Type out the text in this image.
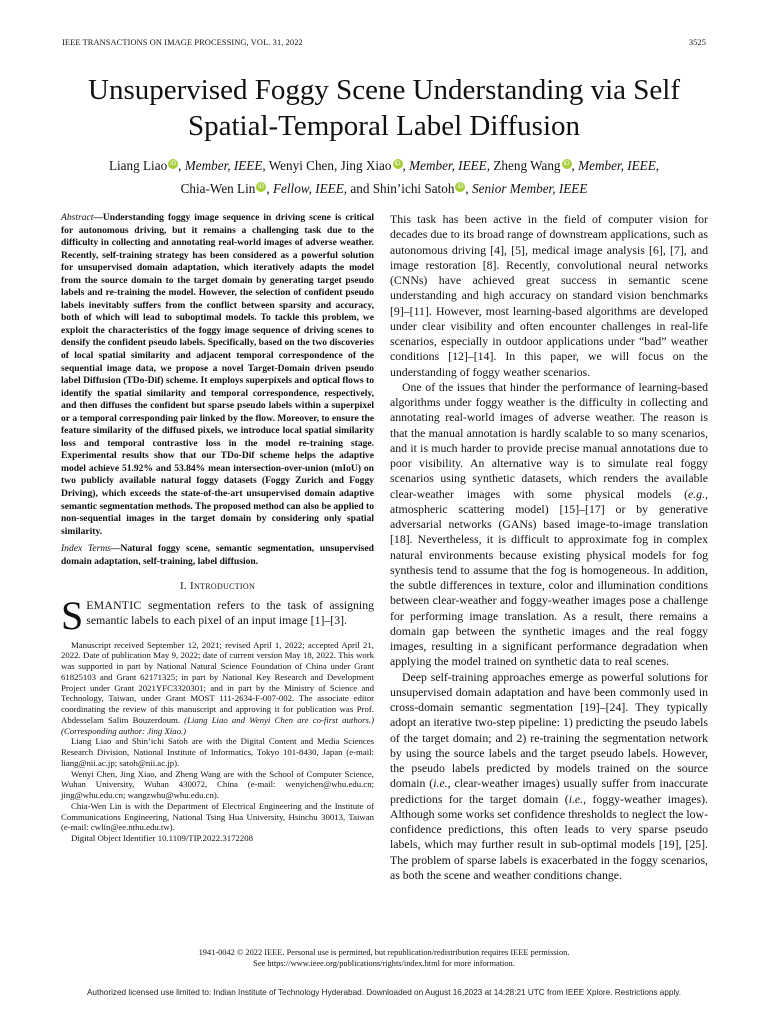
IEEE TRANSACTIONS ON IMAGE PROCESSING, VOL. 31, 2022	3525
Unsupervised Foggy Scene Understanding via Self
Spatial-Temporal Label Diffusion
Liang Liao iD , Member, IEEE, Wenyi Chen, Jing Xiao iD , Member, IEEE, Zheng Wang iD , Member, IEEE,
Chia-Wen Lin iD , Fellow, IEEE, and Shin’ichi Satoh iD , Senior Member, IEEE

Abstract—Understanding foggy image sequence in driving scene is critical for autonomous driving, but it remains a challenging task due to the difficulty in collecting and annotating real-world images of adverse weather. Recently, self-training strategy has been considered as a powerful solution for unsupervised domain adaptation, which iteratively adapts the model from the source domain to the target domain by generating target pseudo labels and re-training the model. However, the selection of confident pseudo labels inevitably suffers from the conflict between sparsity and accuracy, both of which will lead to suboptimal models. To tackle this problem, we exploit the characteristics of the foggy image sequence of driving scenes to densify the confident pseudo labels. Specifically, based on the two discoveries of local spatial similarity and adjacent temporal correspondence of the sequential image data, we propose a novel Target-Domain driven pseudo label Diffusion (TDo-Dif) scheme. It employs superpixels and optical flows to identify the spatial similarity and temporal correspondence, respectively, and then diffuses the confident but sparse pseudo labels within a superpixel or a temporal corresponding pair linked by the flow. Moreover, to ensure the feature similarity of the diffused pixels, we introduce local spatial similarity loss and temporal contrastive loss in the model re-training stage. Experimental results show that our TDo-Dif scheme helps the adaptive model achieve 51.92% and 53.84% mean intersection-over-union (mIoU) on two publicly available natural foggy datasets (Foggy Zurich and Foggy Driving), which exceeds the state-of-the-art unsupervised domain adaptive semantic segmentation methods. The proposed method can also be applied to non-sequential images in the target domain by considering only spatial similarity.

Index Terms—Natural foggy scene, semantic segmentation, unsupervised domain adaptation, self-training, label diffusion.

I. Introduction

SEMANTIC segmentation refers to the task of assigning semantic labels to each pixel of an input image [1]–[3].

Manuscript received September 12, 2021; revised April 1, 2022; accepted April 21, 2022. Date of publication May 9, 2022; date of current version May 18, 2022. This work was supported in part by National Natural Science Foundation of China under Grant 61825103 and Grant 62171325; in part by National Key Research and Development Project under Grant 2021YFC3320301; and in part by the Ministry of Science and Technology, Taiwan, under Grant MOST 111-2634-F-007-002. The associate editor coordinating the review of this manuscript and approving it for publication was Prof. Abdesselam Salim Bouzerdoum. (Liang Liao and Wenyi Chen are co-first authors.) (Corresponding author: Jing Xiao.)

Liang Liao and Shin’ichi Satoh are with the Digital Content and Media Sciences Research Division, National Institute of Informatics, Tokyo 101-8430, Japan (e-mail: liang@nii.ac.jp; satoh@nii.ac.jp).

Wenyi Chen, Jing Xiao, and Zheng Wang are with the School of Computer Science, Wuhan University, Wuhan 430072, China (e-mail: wenyichen@whu.edu.cn; jing@whu.edu.cn; wangzwhu@whu.edu.cn).

Chia-Wen Lin is with the Department of Electrical Engineering and the Institute of Communications Engineering, National Tsing Hua University, Hsinchu 30013, Taiwan (e-mail: cwlin@ee.nthu.edu.tw).

Digital Object Identifier 10.1109/TIP.2022.3172208

This task has been active in the field of computer vision for decades due to its broad range of downstream applications, such as autonomous driving [4], [5], medical image analysis [6], [7], and image restoration [8]. Recently, convolutional neural networks (CNNs) have achieved great success in semantic scene understanding and high accuracy on standard vision benchmarks [9]–[11]. However, most learning-based algorithms are developed under clear visibility and often encounter challenges in real-life scenarios, especially in outdoor applications under “bad” weather conditions [12]–[14]. In this paper, we will focus on the understanding of foggy weather scenarios.

One of the issues that hinder the performance of learning-based algorithms under foggy weather is the difficulty in collecting and annotating real-world images of adverse weather. The reason is that the manual annotation is hardly scalable to so many scenarios, and it is much harder to provide precise manual annotations due to poor visibility. An alternative way is to simulate real foggy scenarios using synthetic datasets, which renders the available clear-weather images with some physical models (e.g., atmospheric scattering model) [15]–[17] or by generative adversarial networks (GANs) based image-to-image translation [18]. Nevertheless, it is difficult to approximate fog in complex natural environments because existing physical models for fog synthesis tend to assume that the fog is homogeneous. In addition, the subtle differences in texture, color and illumination conditions between clear-weather and foggy-weather images pose a challenge for performing image translation. As a result, there remains a domain gap between the synthetic images and the real foggy images, resulting in a significant performance degradation when applying the model trained on synthetic data to real scenes.

Deep self-training approaches emerge as powerful solutions for unsupervised domain adaptation and have been commonly used in cross-domain semantic segmentation [19]–[24]. They typically adopt an iterative two-step pipeline: 1) predicting the pseudo labels of the target domain; and 2) re-training the segmentation network by using the source labels and the target pseudo labels. However, the pseudo labels predicted by models trained on the source domain (i.e., clear-weather images) usually suffer from inaccurate predictions for the target domain (i.e., foggy-weather images). Although some works set confidence thresholds to neglect the low-confidence predictions, this often leads to very sparse pseudo labels, which may further result in sub-optimal models [19], [25]. The problem of sparse labels is exacerbated in the foggy scenarios, as both the scene and weather conditions change.

1941-0042 © 2022 IEEE. Personal use is permitted, but republication/redistribution requires IEEE permission.
See https://www.ieee.org/publications/rights/index.html for more information.
Authorized licensed use limited to: Indian Institute of Technology Hyderabad. Downloaded on August 16,2023 at 14:28:21 UTC from IEEE Xplore. Restrictions apply.
